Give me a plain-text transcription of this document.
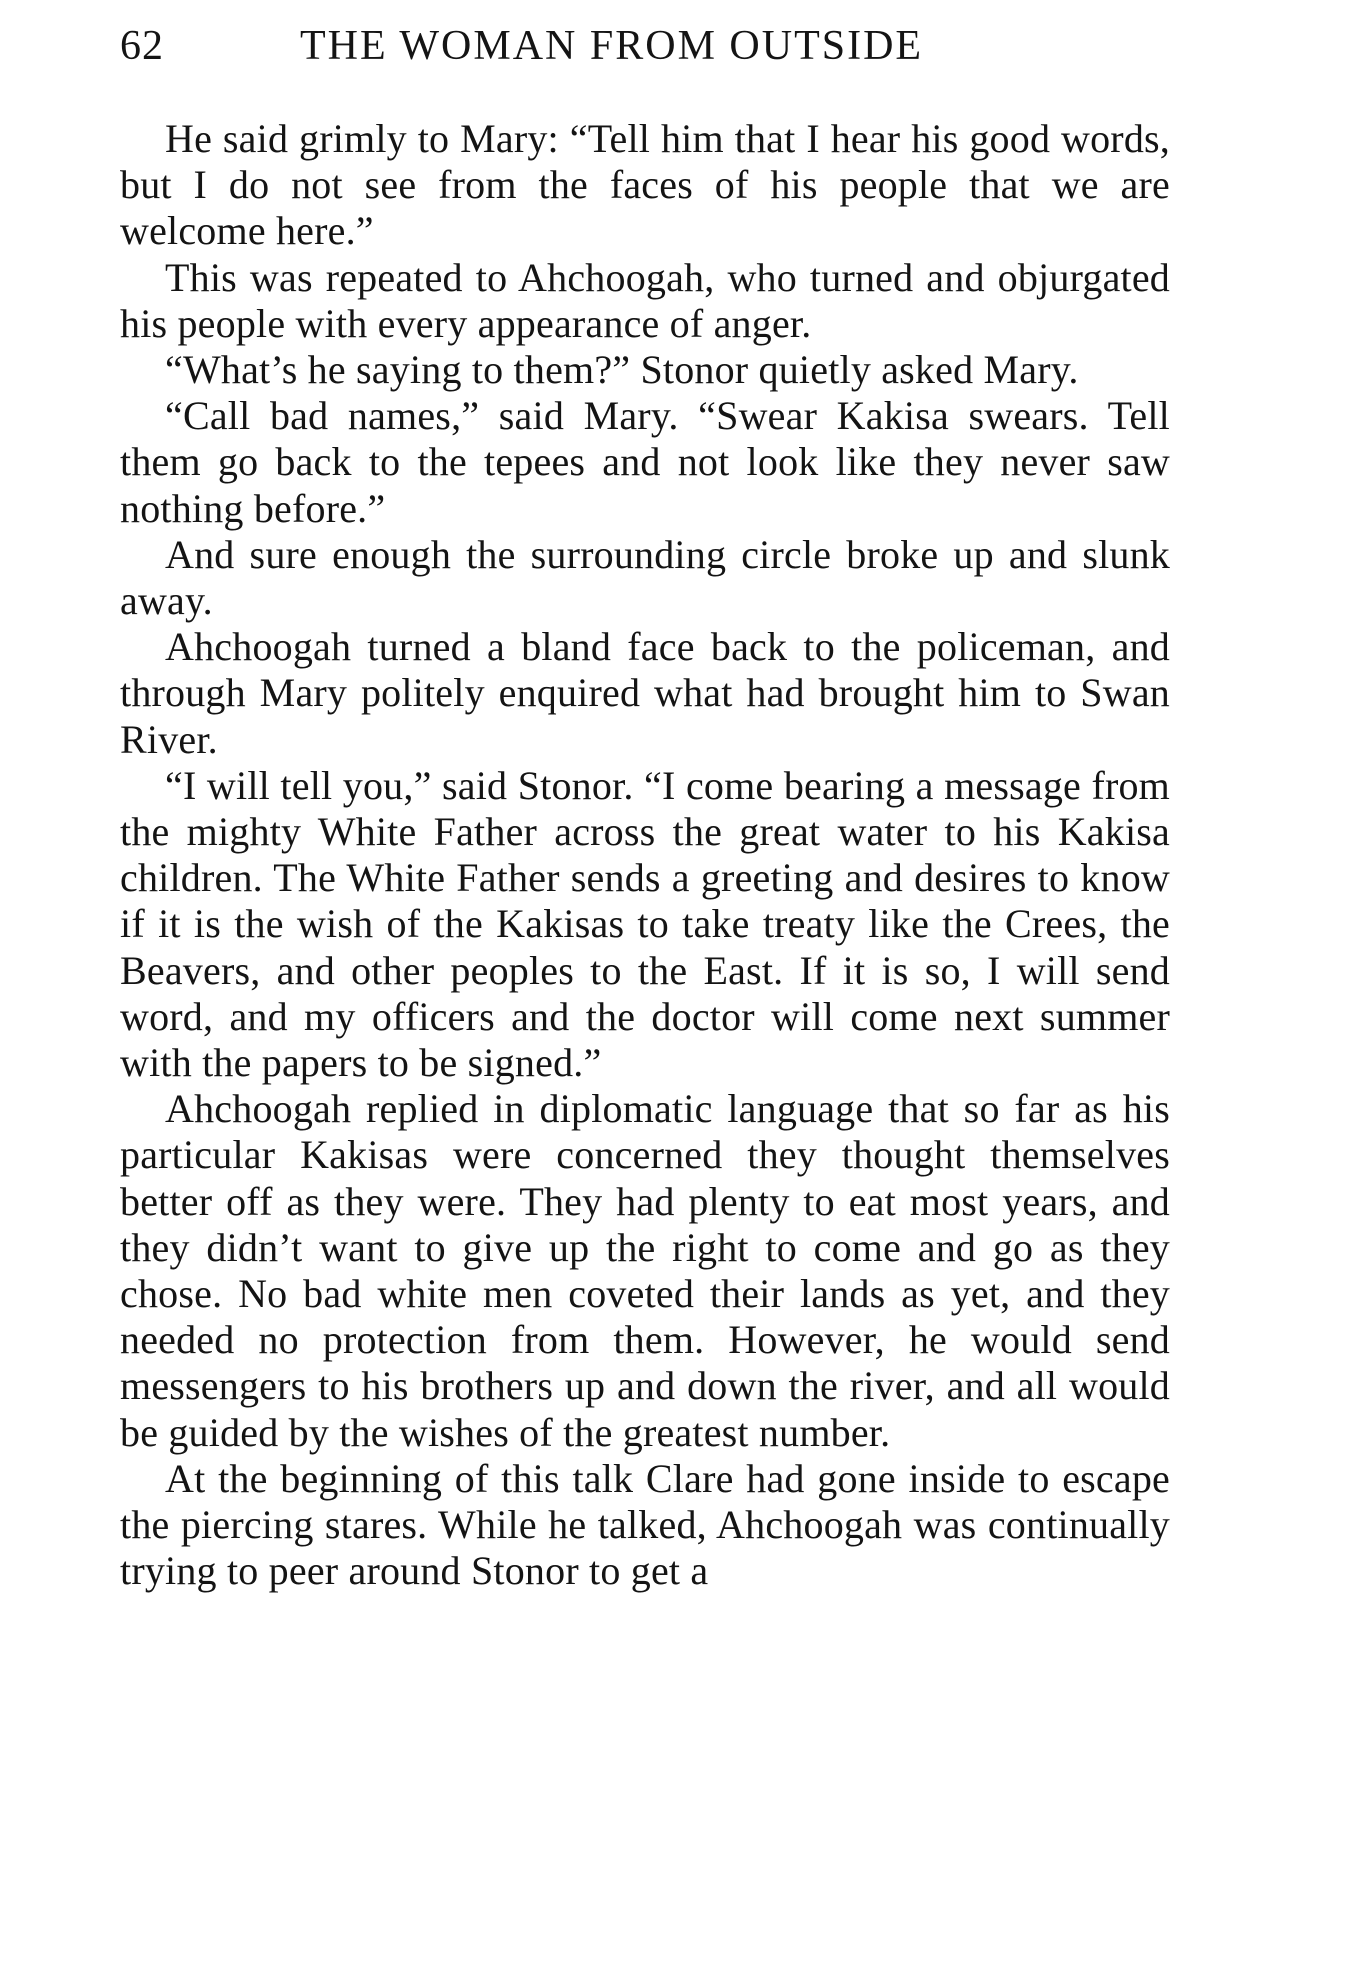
62	THE WOMAN FROM OUTSIDE

He said grimly to Mary: “Tell him that I hear his good words, but I do not see from the faces of his people that we are welcome here.”

This was repeated to Ahchoogah, who turned and objurgated his people with every appearance of anger.

“What’s he saying to them?” Stonor quietly asked Mary.

“Call bad names,” said Mary. “Swear Kakisa swears. Tell them go back to the tepees and not look like they never saw nothing before.”

And sure enough the surrounding circle broke up and slunk away.

Ahchoogah turned a bland face back to the policeman, and through Mary politely enquired what had brought him to Swan River.

“I will tell you,” said Stonor. “I come bearing a message from the mighty White Father across the great water to his Kakisa children. The White Father sends a greeting and desires to know if it is the wish of the Kakisas to take treaty like the Crees, the Beavers, and other peoples to the East. If it is so, I will send word, and my officers and the doctor will come next summer with the papers to be signed.”

Ahchoogah replied in diplomatic language that so far as his particular Kakisas were concerned they thought themselves better off as they were. They had plenty to eat most years, and they didn’t want to give up the right to come and go as they chose. No bad white men coveted their lands as yet, and they needed no protection from them. However, he would send messengers to his brothers up and down the river, and all would be guided by the wishes of the greatest number.

At the beginning of this talk Clare had gone inside to escape the piercing stares. While he talked, Ahchoogah was continually trying to peer around Stonor to get a
